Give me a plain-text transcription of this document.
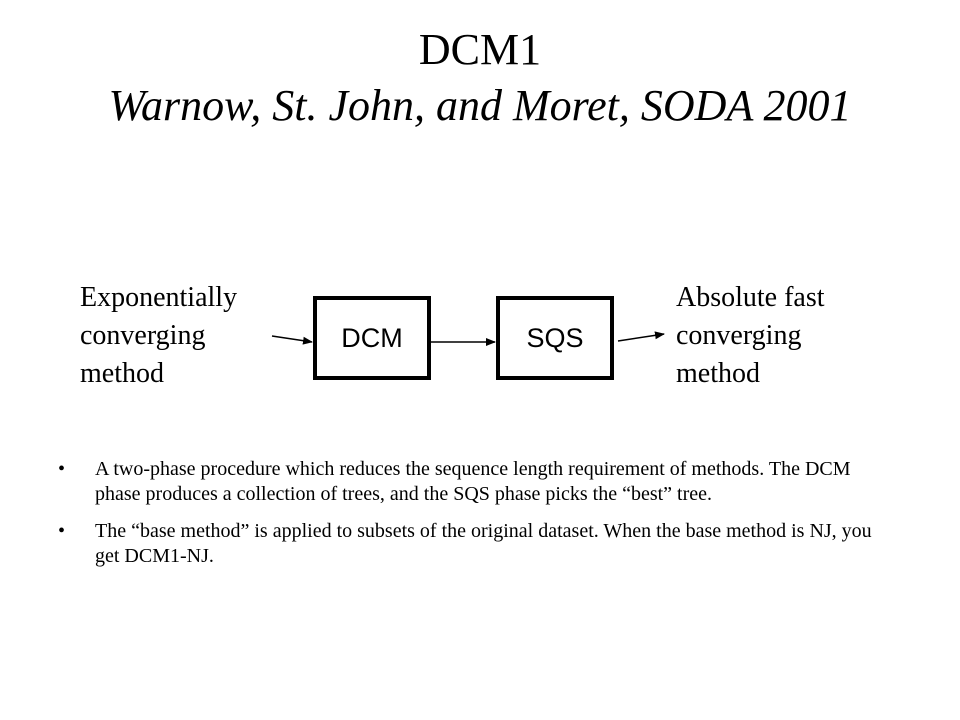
DCM1
Warnow, St. John, and Moret, SODA 2001
Exponentially
converging
method
DCM	SQS
Absolute fast
converging
method
• A two-phase procedure which reduces the sequence length requirement of methods. The DCM phase produces a collection of trees, and the SQS phase picks the “best” tree.
• The “base method” is applied to subsets of the original dataset. When the base method is NJ, you get DCM1-NJ.
